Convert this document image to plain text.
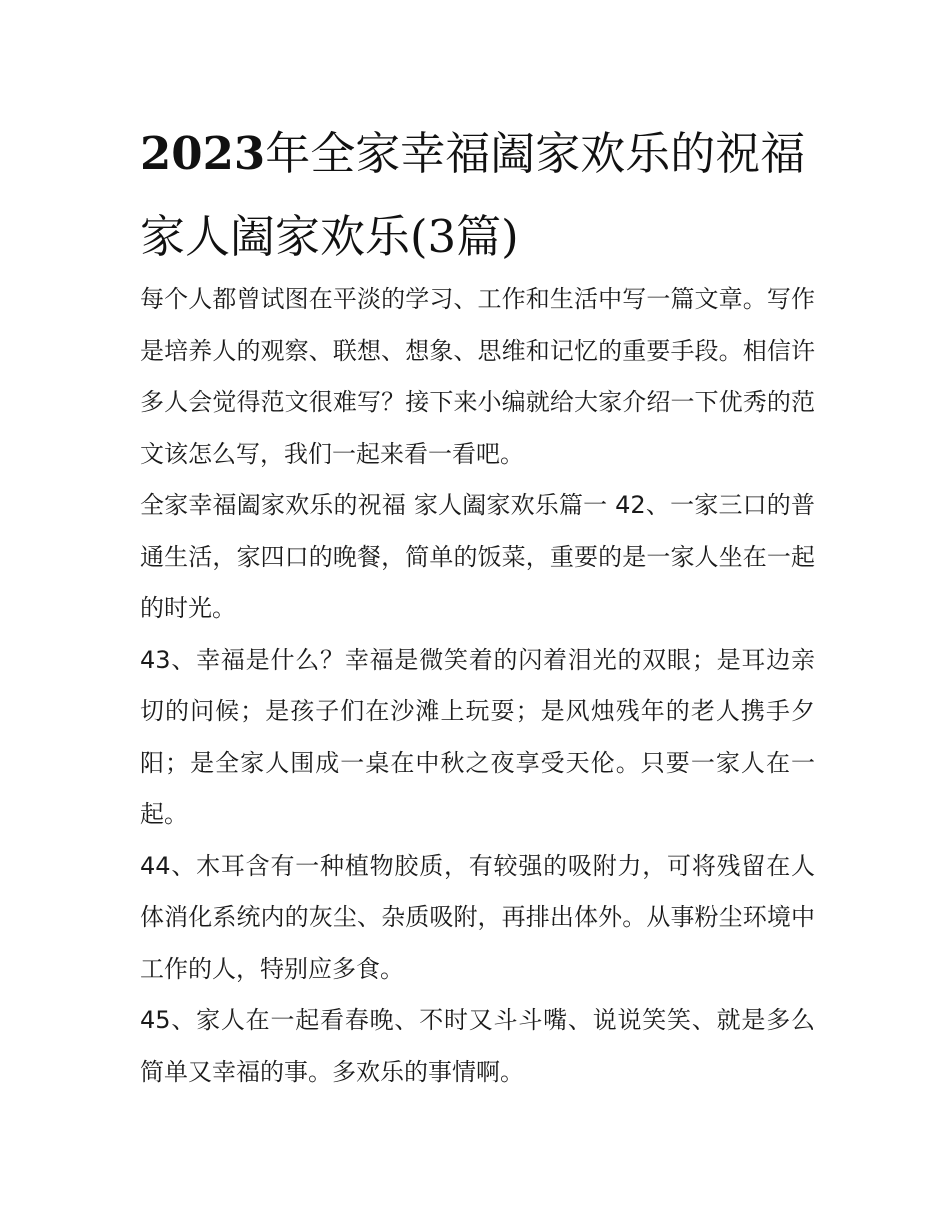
2023年全家幸福阖家欢乐的祝福 家人阖家欢乐(3篇)

每个人都曾试图在平淡的学习、工作和生活中写一篇文章。写作是培养人的观察、联想、想象、思维和记忆的重要手段。相信许多人会觉得范文很难写？接下来小编就给大家介绍一下优秀的范文该怎么写，我们一起来看一看吧。

全家幸福阖家欢乐的祝福 家人阖家欢乐篇一 42、一家三口的普通生活，家四口的晚餐，简单的饭菜，重要的是一家人坐在一起的时光。

43、幸福是什么？幸福是微笑着的闪着泪光的双眼；是耳边亲切的问候；是孩子们在沙滩上玩耍；是风烛残年的老人携手夕阳；是全家人围成一桌在中秋之夜享受天伦。只要一家人在一起。

44、木耳含有一种植物胶质，有较强的吸附力，可将残留在人体消化系统内的灰尘、杂质吸附，再排出体外。从事粉尘环境中工作的人，特别应多食。

45、家人在一起看春晚、不时又斗斗嘴、说说笑笑、就是多么简单又幸福的事。多欢乐的事情啊。
